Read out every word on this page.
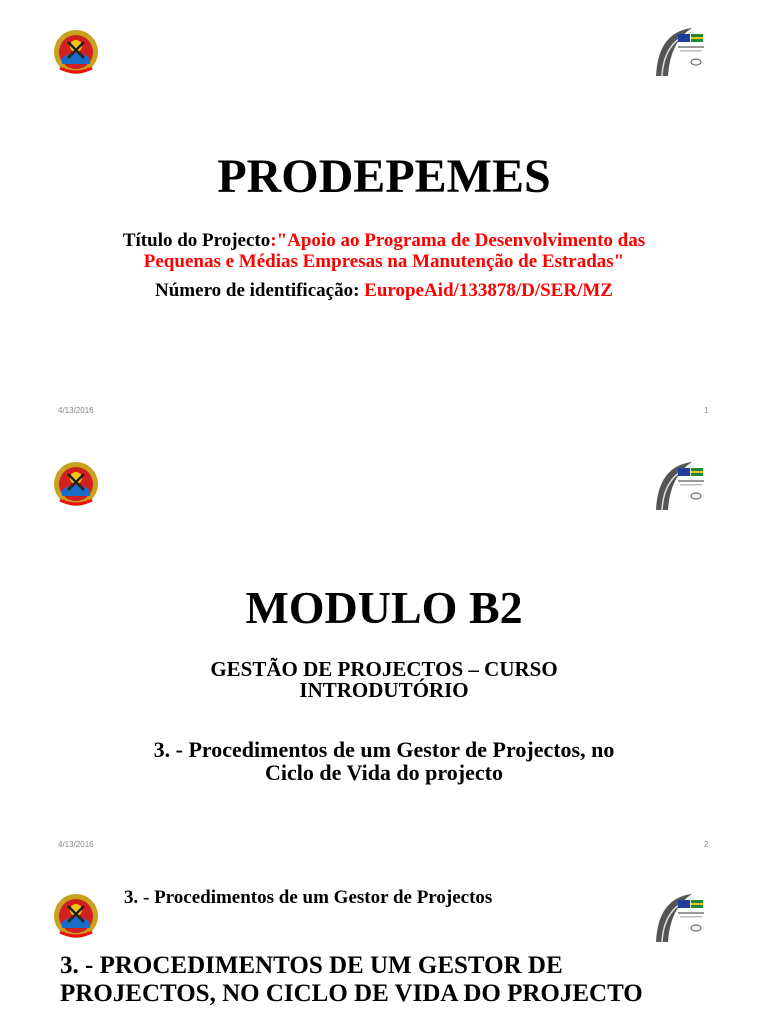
PRODEPEMES
Título do Projecto:"Apoio ao Programa de Desenvolvimento das
Pequenas e Médias Empresas na Manutenção de Estradas"
Número de identificação: EuropeAid/133878/D/SER/MZ
4/13/2016	1
MODULO B2
GESTÃO DE PROJECTOS – CURSO
INTRODUTÓRIO
3. - Procedimentos de um Gestor de Projectos, no
Ciclo de Vida do projecto
4/13/2016	2
3. - Procedimentos de um Gestor de Projectos
3. - PROCEDIMENTOS DE UM GESTOR DE
PROJECTOS, NO CICLO DE VIDA DO PROJECTO
